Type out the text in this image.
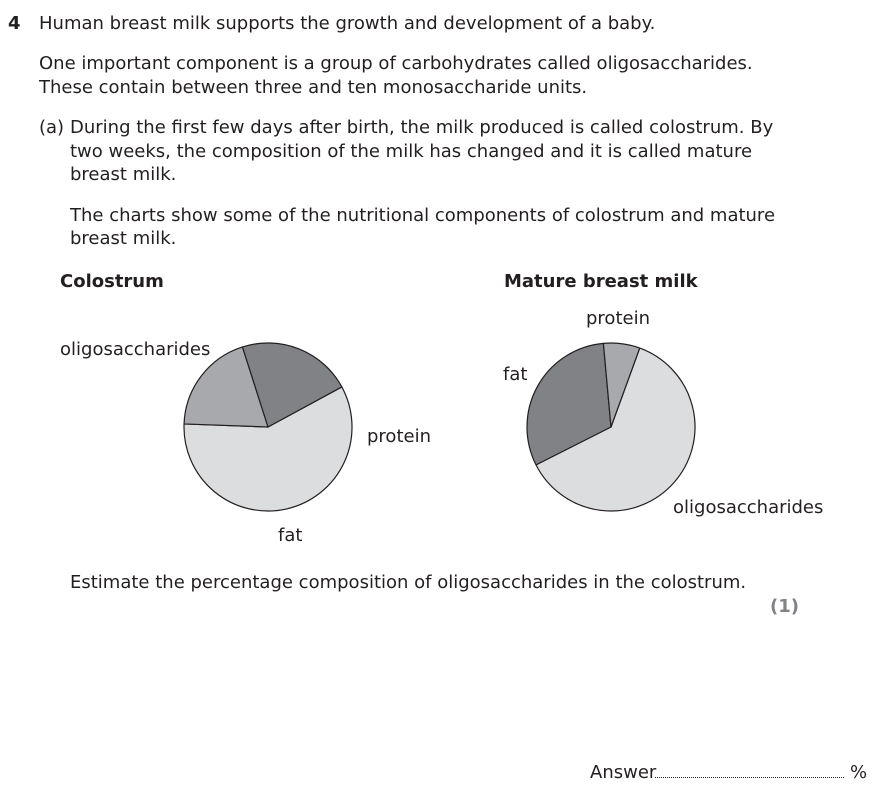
4 Human breast milk supports the growth and development of a baby.

One important component is a group of carbohydrates called oligosaccharides.

These contain between three and ten monosaccharide units.

(a) During the first few days after birth, the milk produced is called colostrum. By

two weeks, the composition of the milk has changed and it is called mature

breast milk.

The charts show some of the nutritional components of colostrum and mature

breast milk.

Colostrum	Mature breast milk
oligosaccharides
protein
fat
protein
fat
oligosaccharides

Estimate the percentage composition of oligosaccharides in the colostrum.

(1)
Answer	%
